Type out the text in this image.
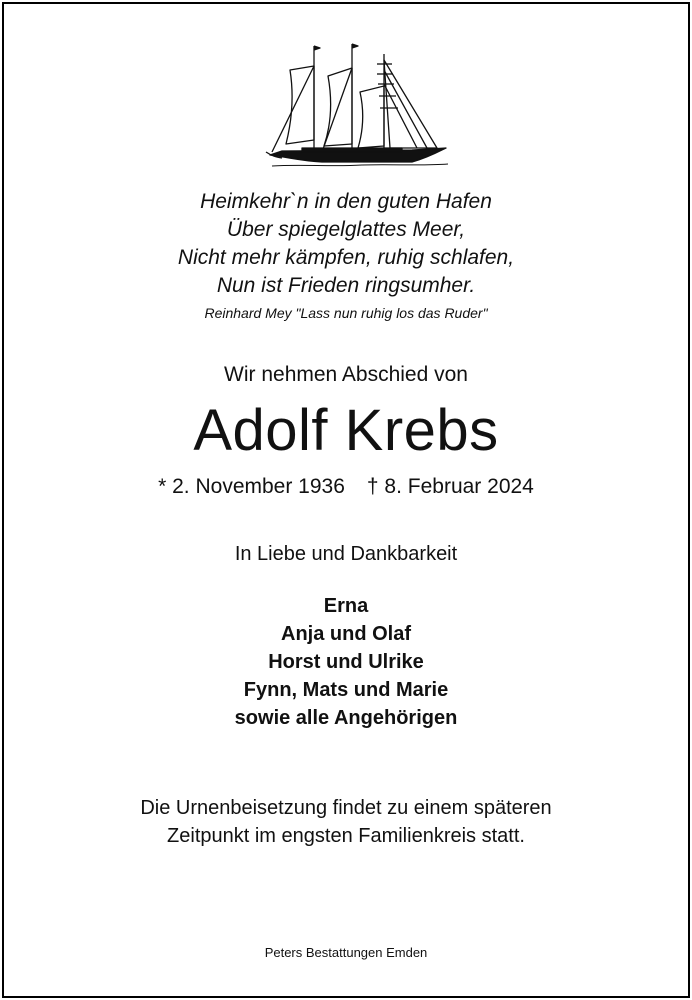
Heimkehr`n in den guten Hafen
Über spiegelglattes Meer,
Nicht mehr kämpfen, ruhig schlafen,
Nun ist Frieden ringsumher.
Reinhard Mey "Lass nun ruhig los das Ruder"
Wir nehmen Abschied von
Adolf Krebs
* 2. November 1936 † 8. Februar 2024
In Liebe und Dankbarkeit
Erna
Anja und Olaf
Horst und Ulrike
Fynn, Mats und Marie
sowie alle Angehörigen
Die Urnenbeisetzung findet zu einem späteren
Zeitpunkt im engsten Familienkreis statt.
Peters Bestattungen Emden
